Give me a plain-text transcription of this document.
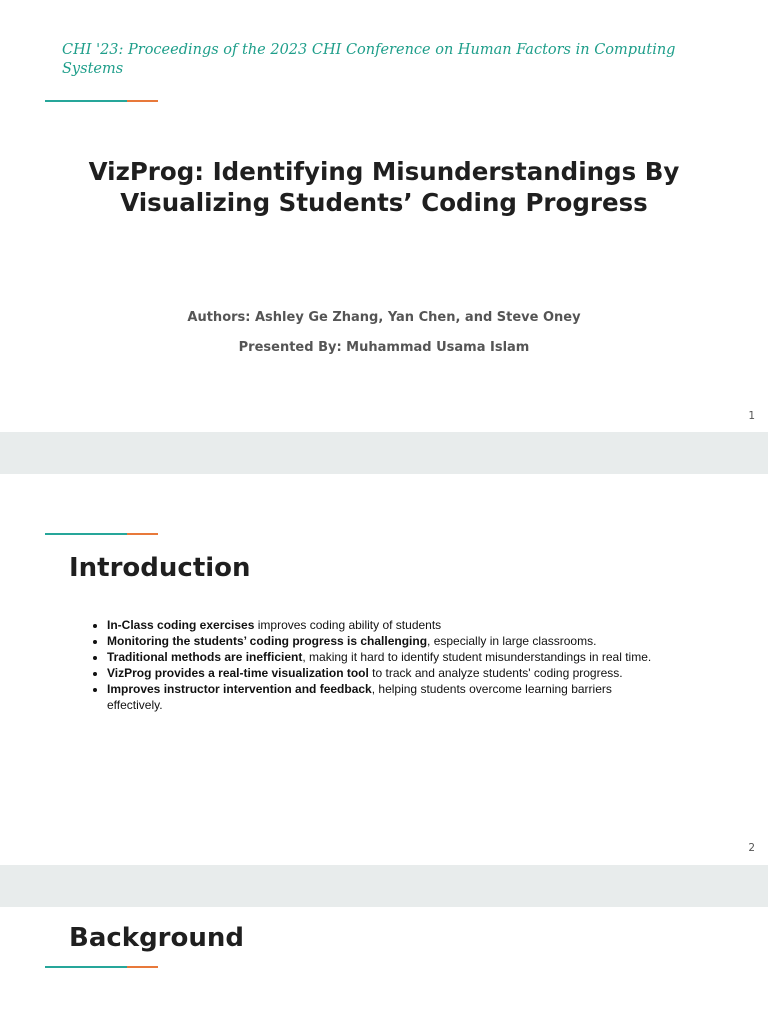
CHI '23: Proceedings of the 2023 CHI Conference on Human Factors in Computing Systems

VizProg: Identifying Misunderstandings By Visualizing Students’ Coding Progress

Authors: Ashley Ge Zhang, Yan Chen, and Steve Oney

Presented By: Muhammad Usama Islam

1
Introduction
• In-Class coding exercises improves coding ability of students
• Monitoring the students’ coding progress is challenging, especially in large classrooms.
• Traditional methods are inefficient, making it hard to identify student misunderstandings in real time.
• VizProg provides a real-time visualization tool to track and analyze students' coding progress.
• Improves instructor intervention and feedback, helping students overcome learning barriers effectively.
2
Background
